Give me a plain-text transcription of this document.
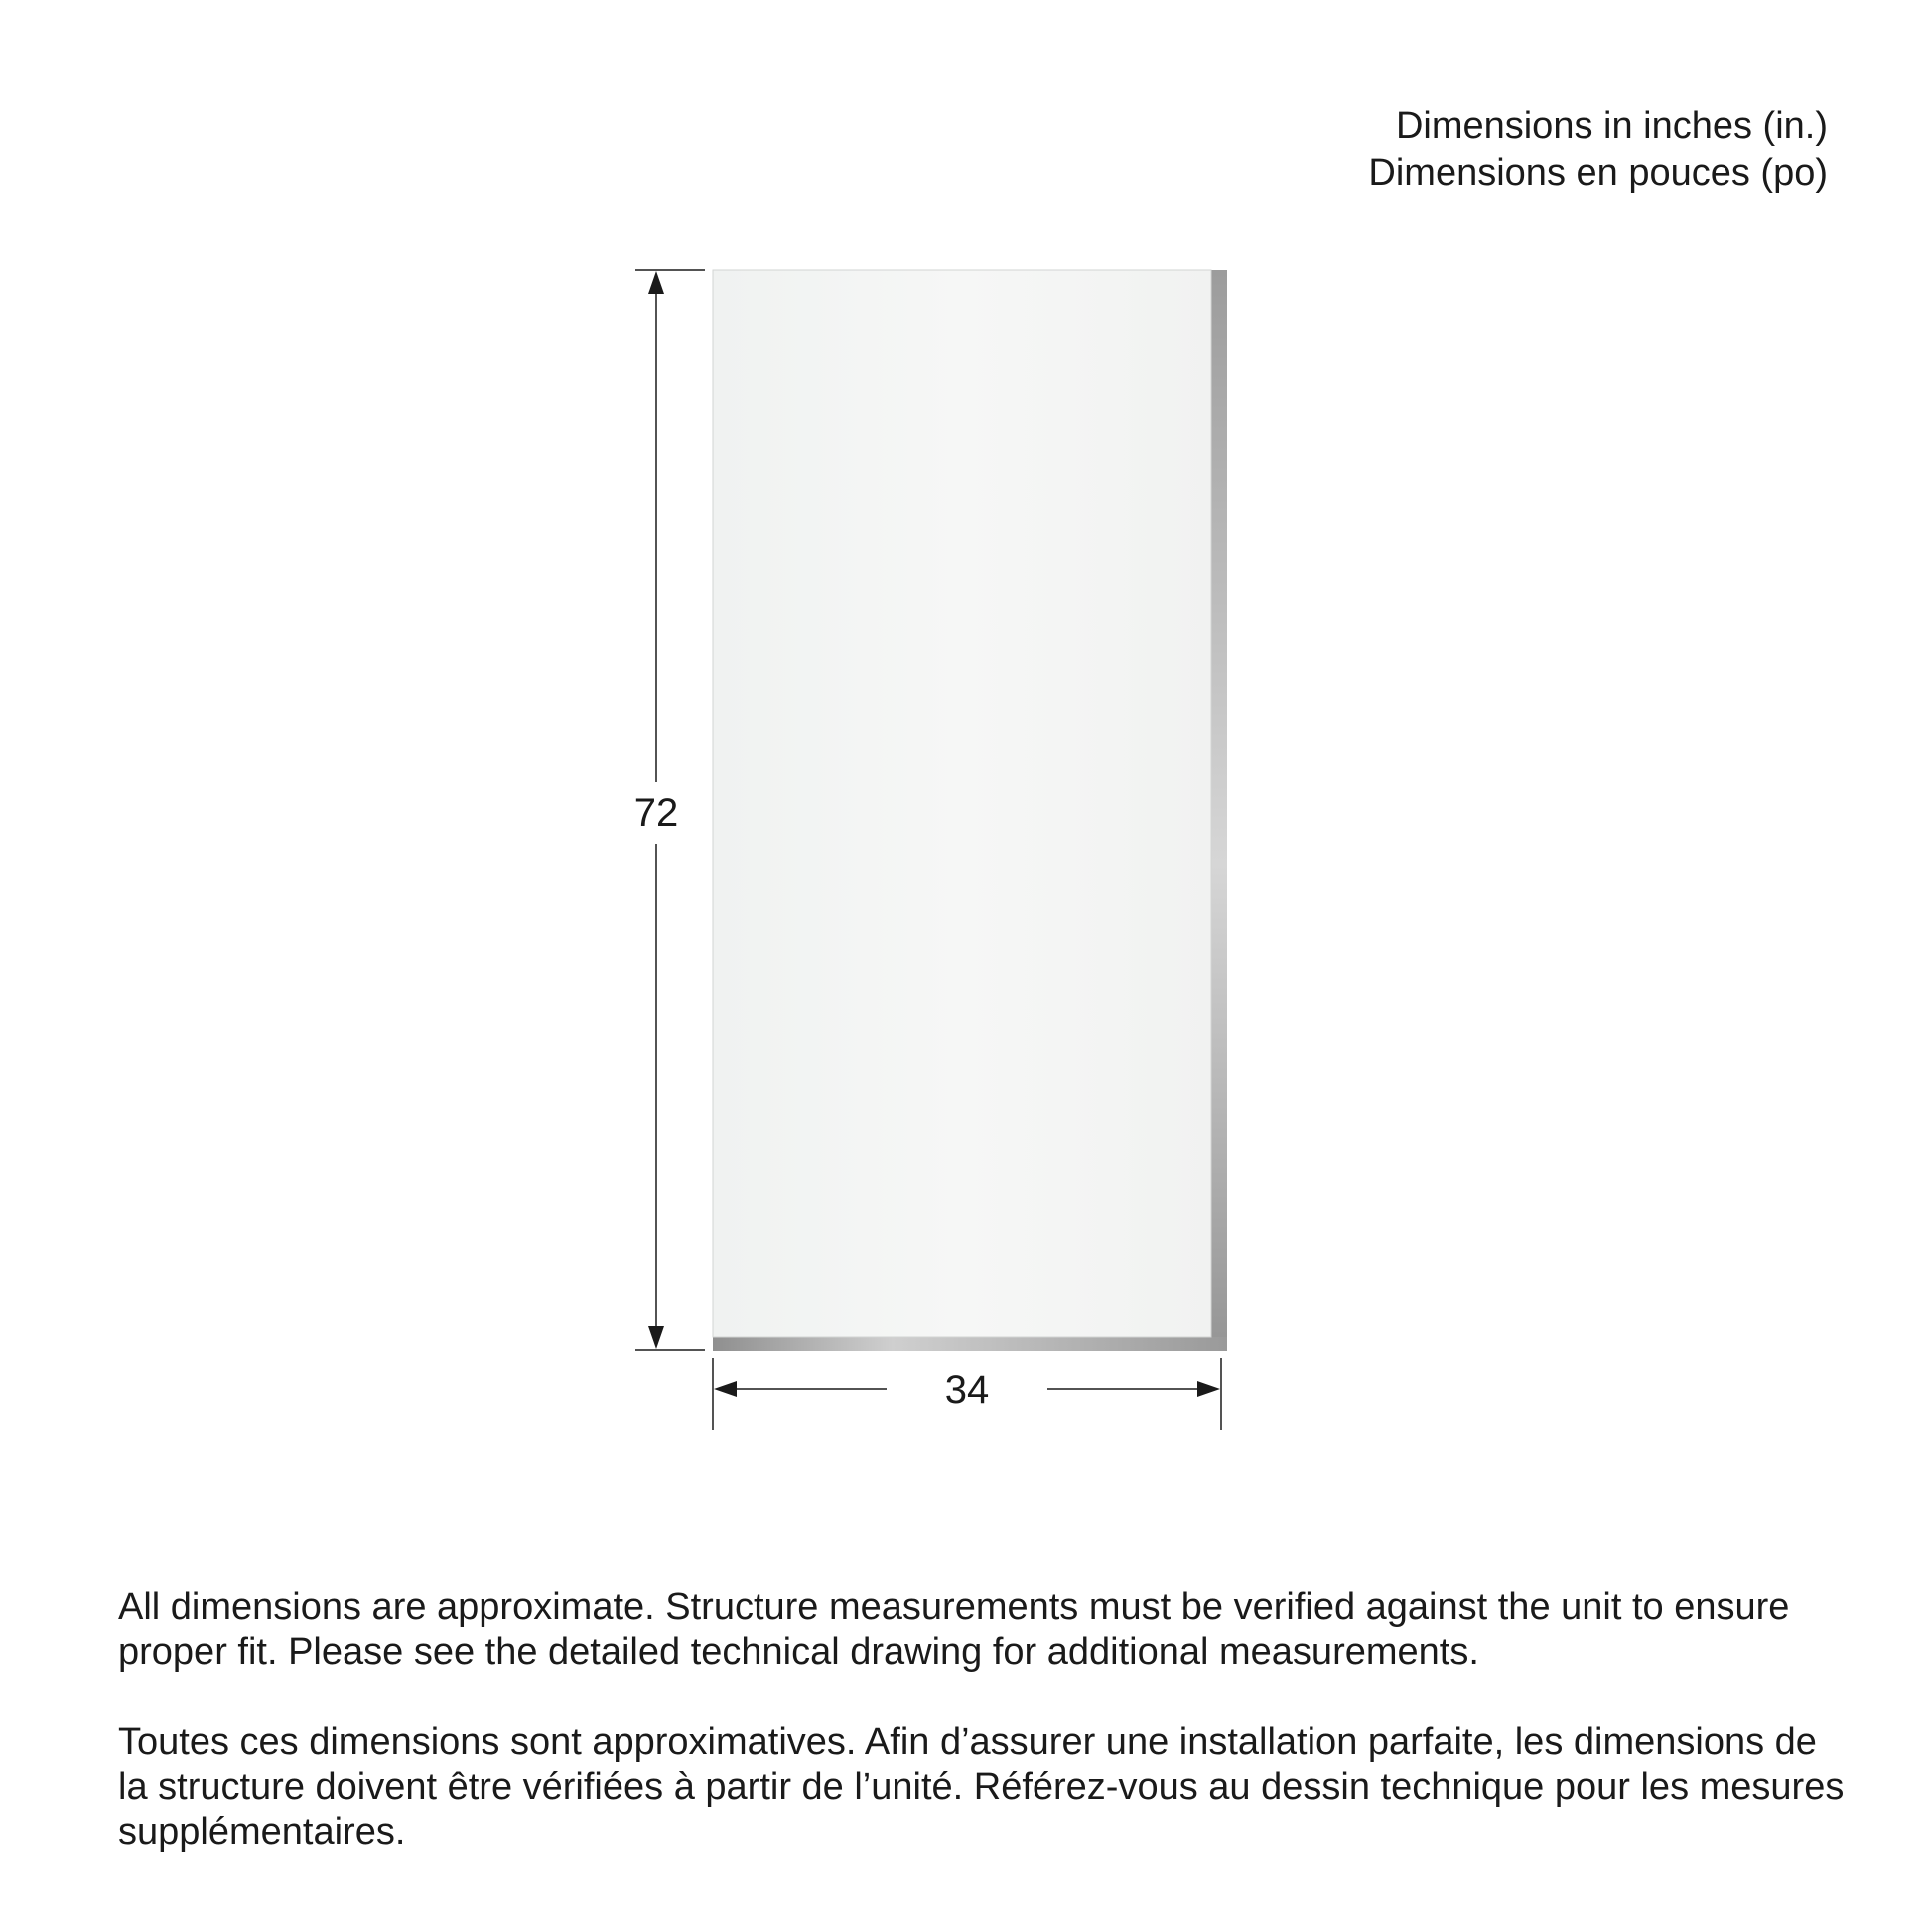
Dimensions in inches (in.)
Dimensions en pouces (po)
72
34

All dimensions are approximate. Structure measurements must be verified against the unit to ensure proper fit. Please see the detailed technical drawing for additional measurements.

Toutes ces dimensions sont approximatives. Afin d’assurer une installation parfaite, les dimensions de la structure doivent être vérifiées à partir de l’unité. Référez-vous au dessin technique pour les mesures supplémentaires.
